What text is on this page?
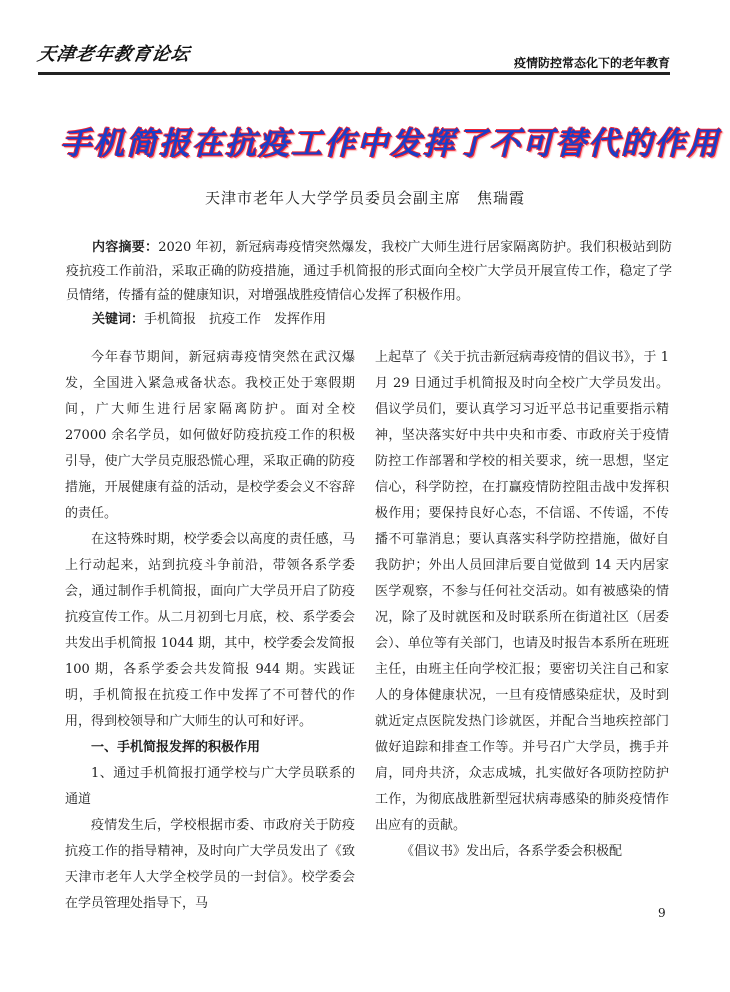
天津老年教育论坛	疫情防控常态化下的老年教育
手机简报在抗疫工作中发挥了不可替代的作用
天津市老年人大学学员委员会副主席　焦瑞霞

内容摘要：2020 年初，新冠病毒疫情突然爆发，我校广大师生进行居家隔离防护。我们积极站到防疫抗疫工作前沿，采取正确的防疫措施，通过手机简报的形式面向全校广大学员开展宣传工作，稳定了学员情绪，传播有益的健康知识，对增强战胜疫情信心发挥了积极作用。

关键词：手机简报　抗疫工作　发挥作用

今年春节期间，新冠病毒疫情突然在武汉爆发，全国进入紧急戒备状态。我校正处于寒假期间，广大师生进行居家隔离防护。面对全校 27000 余名学员，如何做好防疫抗疫工作的积极引导，使广大学员克服恐慌心理，采取正确的防疫措施，开展健康有益的活动，是校学委会义不容辞的责任。

在这特殊时期，校学委会以高度的责任感，马上行动起来，站到抗疫斗争前沿，带领各系学委会，通过制作手机简报，面向广大学员开启了防疫抗疫宣传工作。从二月初到七月底，校、系学委会共发出手机简报 1044 期，其中，校学委会发简报 100 期，各系学委会共发简报 944 期。实践证明，手机简报在抗疫工作中发挥了不可替代的作用，得到校领导和广大师生的认可和好评。

一、手机简报发挥的积极作用

1、通过手机简报打通学校与广大学员联系的通道

疫情发生后，学校根据市委、市政府关于防疫抗疫工作的指导精神，及时向广大学员发出了《致天津市老年人大学全校学员的一封信》。校学委会在学员管理处指导下，马

上起草了《关于抗击新冠病毒疫情的倡议书》，于 1 月 29 日通过手机简报及时向全校广大学员发出。倡议学员们，要认真学习习近平总书记重要指示精神，坚决落实好中共中央和市委、市政府关于疫情防控工作部署和学校的相关要求，统一思想，坚定信心，科学防控，在打赢疫情防控阻击战中发挥积极作用；要保持良好心态，不信谣、不传谣，不传播不可靠消息；要认真落实科学防控措施，做好自我防护；外出人员回津后要自觉做到 14 天内居家医学观察，不参与任何社交活动。如有被感染的情况，除了及时就医和及时联系所在街道社区（居委会）、单位等有关部门，也请及时报告本系所在班班主任，由班主任向学校汇报；要密切关注自己和家人的身体健康状况，一旦有疫情感染症状，及时到就近定点医院发热门诊就医，并配合当地疾控部门做好追踪和排查工作等。并号召广大学员，携手并肩，同舟共济，众志成城，扎实做好各项防控防护工作，为彻底战胜新型冠状病毒感染的肺炎疫情作出应有的贡献。

《倡议书》发出后，各系学委会积极配

9
